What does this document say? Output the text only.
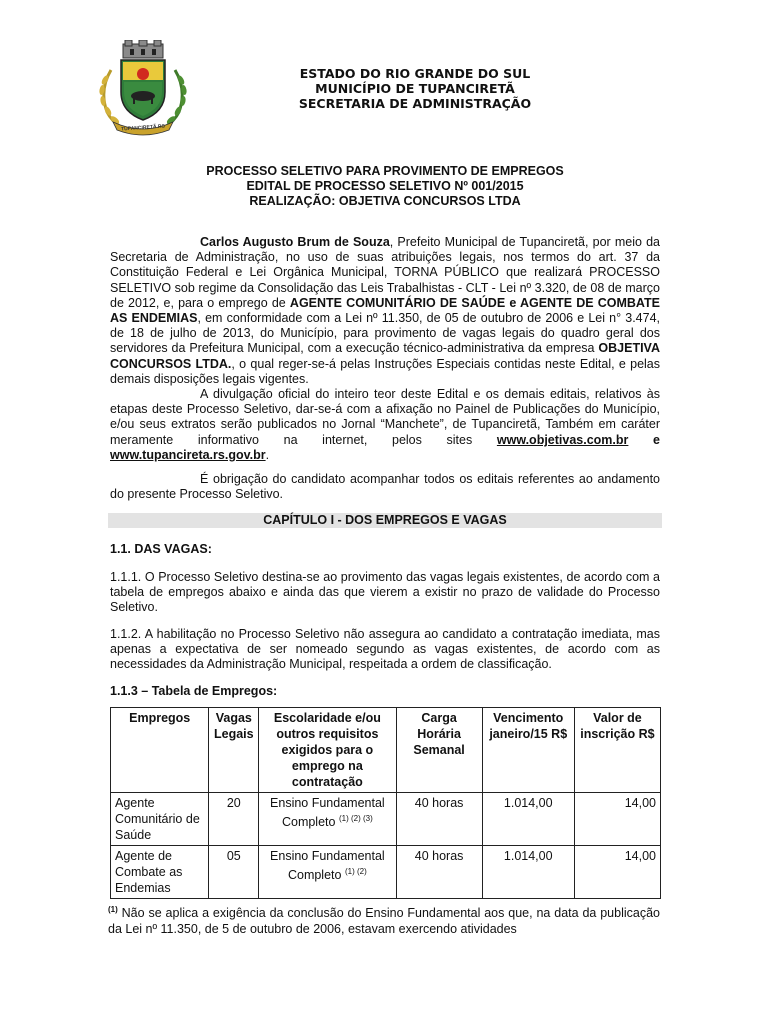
TUPANCIRETÃ RS
ESTADO DO RIO GRANDE DO SUL
MUNICÍPIO DE TUPANCIRETÃ
SECRETARIA DE ADMINISTRAÇÃO
PROCESSO SELETIVO PARA PROVIMENTO DE EMPREGOS
EDITAL DE PROCESSO SELETIVO Nº 001/2015
REALIZAÇÃO: OBJETIVA CONCURSOS LTDA

Carlos Augusto Brum de Souza, Prefeito Municipal de Tupanciretã, por meio da Secretaria de Administração, no uso de suas atribuições legais, nos termos do art. 37 da Constituição Federal e Lei Orgânica Municipal, TORNA PÚBLICO que realizará PROCESSO SELETIVO sob regime da Consolidação das Leis Trabalhistas - CLT - Lei nº 3.320, de 08 de março de 2012, e, para o emprego de AGENTE COMUNITÁRIO DE SAÚDE e AGENTE DE COMBATE AS ENDEMIAS, em conformidade com a Lei nº 11.350, de 05 de outubro de 2006 e Lei n° 3.474, de 18 de julho de 2013, do Município, para provimento de vagas legais do quadro geral dos servidores da Prefeitura Municipal, com a execução técnico-administrativa da empresa OBJETIVA CONCURSOS LTDA., o qual reger-se-á pelas Instruções Especiais contidas neste Edital, e pelas demais disposições legais vigentes.

A divulgação oficial do inteiro teor deste Edital e os demais editais, relativos às etapas deste Processo Seletivo, dar-se-á com a afixação no Painel de Publicações do Município, e/ou seus extratos serão publicados no Jornal “Manchete”, de Tupanciretã, Também em caráter meramente informativo na internet, pelos sites www.objetivas.com.br e www.tupanciretа.rs.gov.br.

É obrigação do candidato acompanhar todos os editais referentes ao andamento do presente Processo Seletivo.

CAPÍTULO I - DOS EMPREGOS E VAGAS

1.1. DAS VAGAS:

1.1.1. O Processo Seletivo destina-se ao provimento das vagas legais existentes, de acordo com a tabela de empregos abaixo e ainda das que vierem a existir no prazo de validade do Processo Seletivo.

1.1.2. A habilitação no Processo Seletivo não assegura ao candidato a contratação imediata, mas apenas a expectativa de ser nomeado segundo as vagas existentes, de acordo com as necessidades da Administração Municipal, respeitada a ordem de classificação.

1.1.3 – Tabela de Empregos:

Empregos	Vagas Legais	Escolaridade e/ou outros requisitos exigidos para o emprego na contratação	Carga Horária Semanal	Vencimento janeiro/15 R$	Valor de inscrição R$
Agente Comunitário de Saúde	20	Ensino Fundamental Completo $^{(1) (2) (3)}$	40 horas	1.014,00	14,00
Agente de Combate as Endemias	05	Ensino Fundamental Completo $^{(1) (2)}$	40 horas	1.014,00	14,00

$^{(1)}$ Não se aplica a exigência da conclusão do Ensino Fundamental aos que, na data da publicação da Lei nº 11.350, de 5 de outubro de 2006, estavam exercendo atividades
